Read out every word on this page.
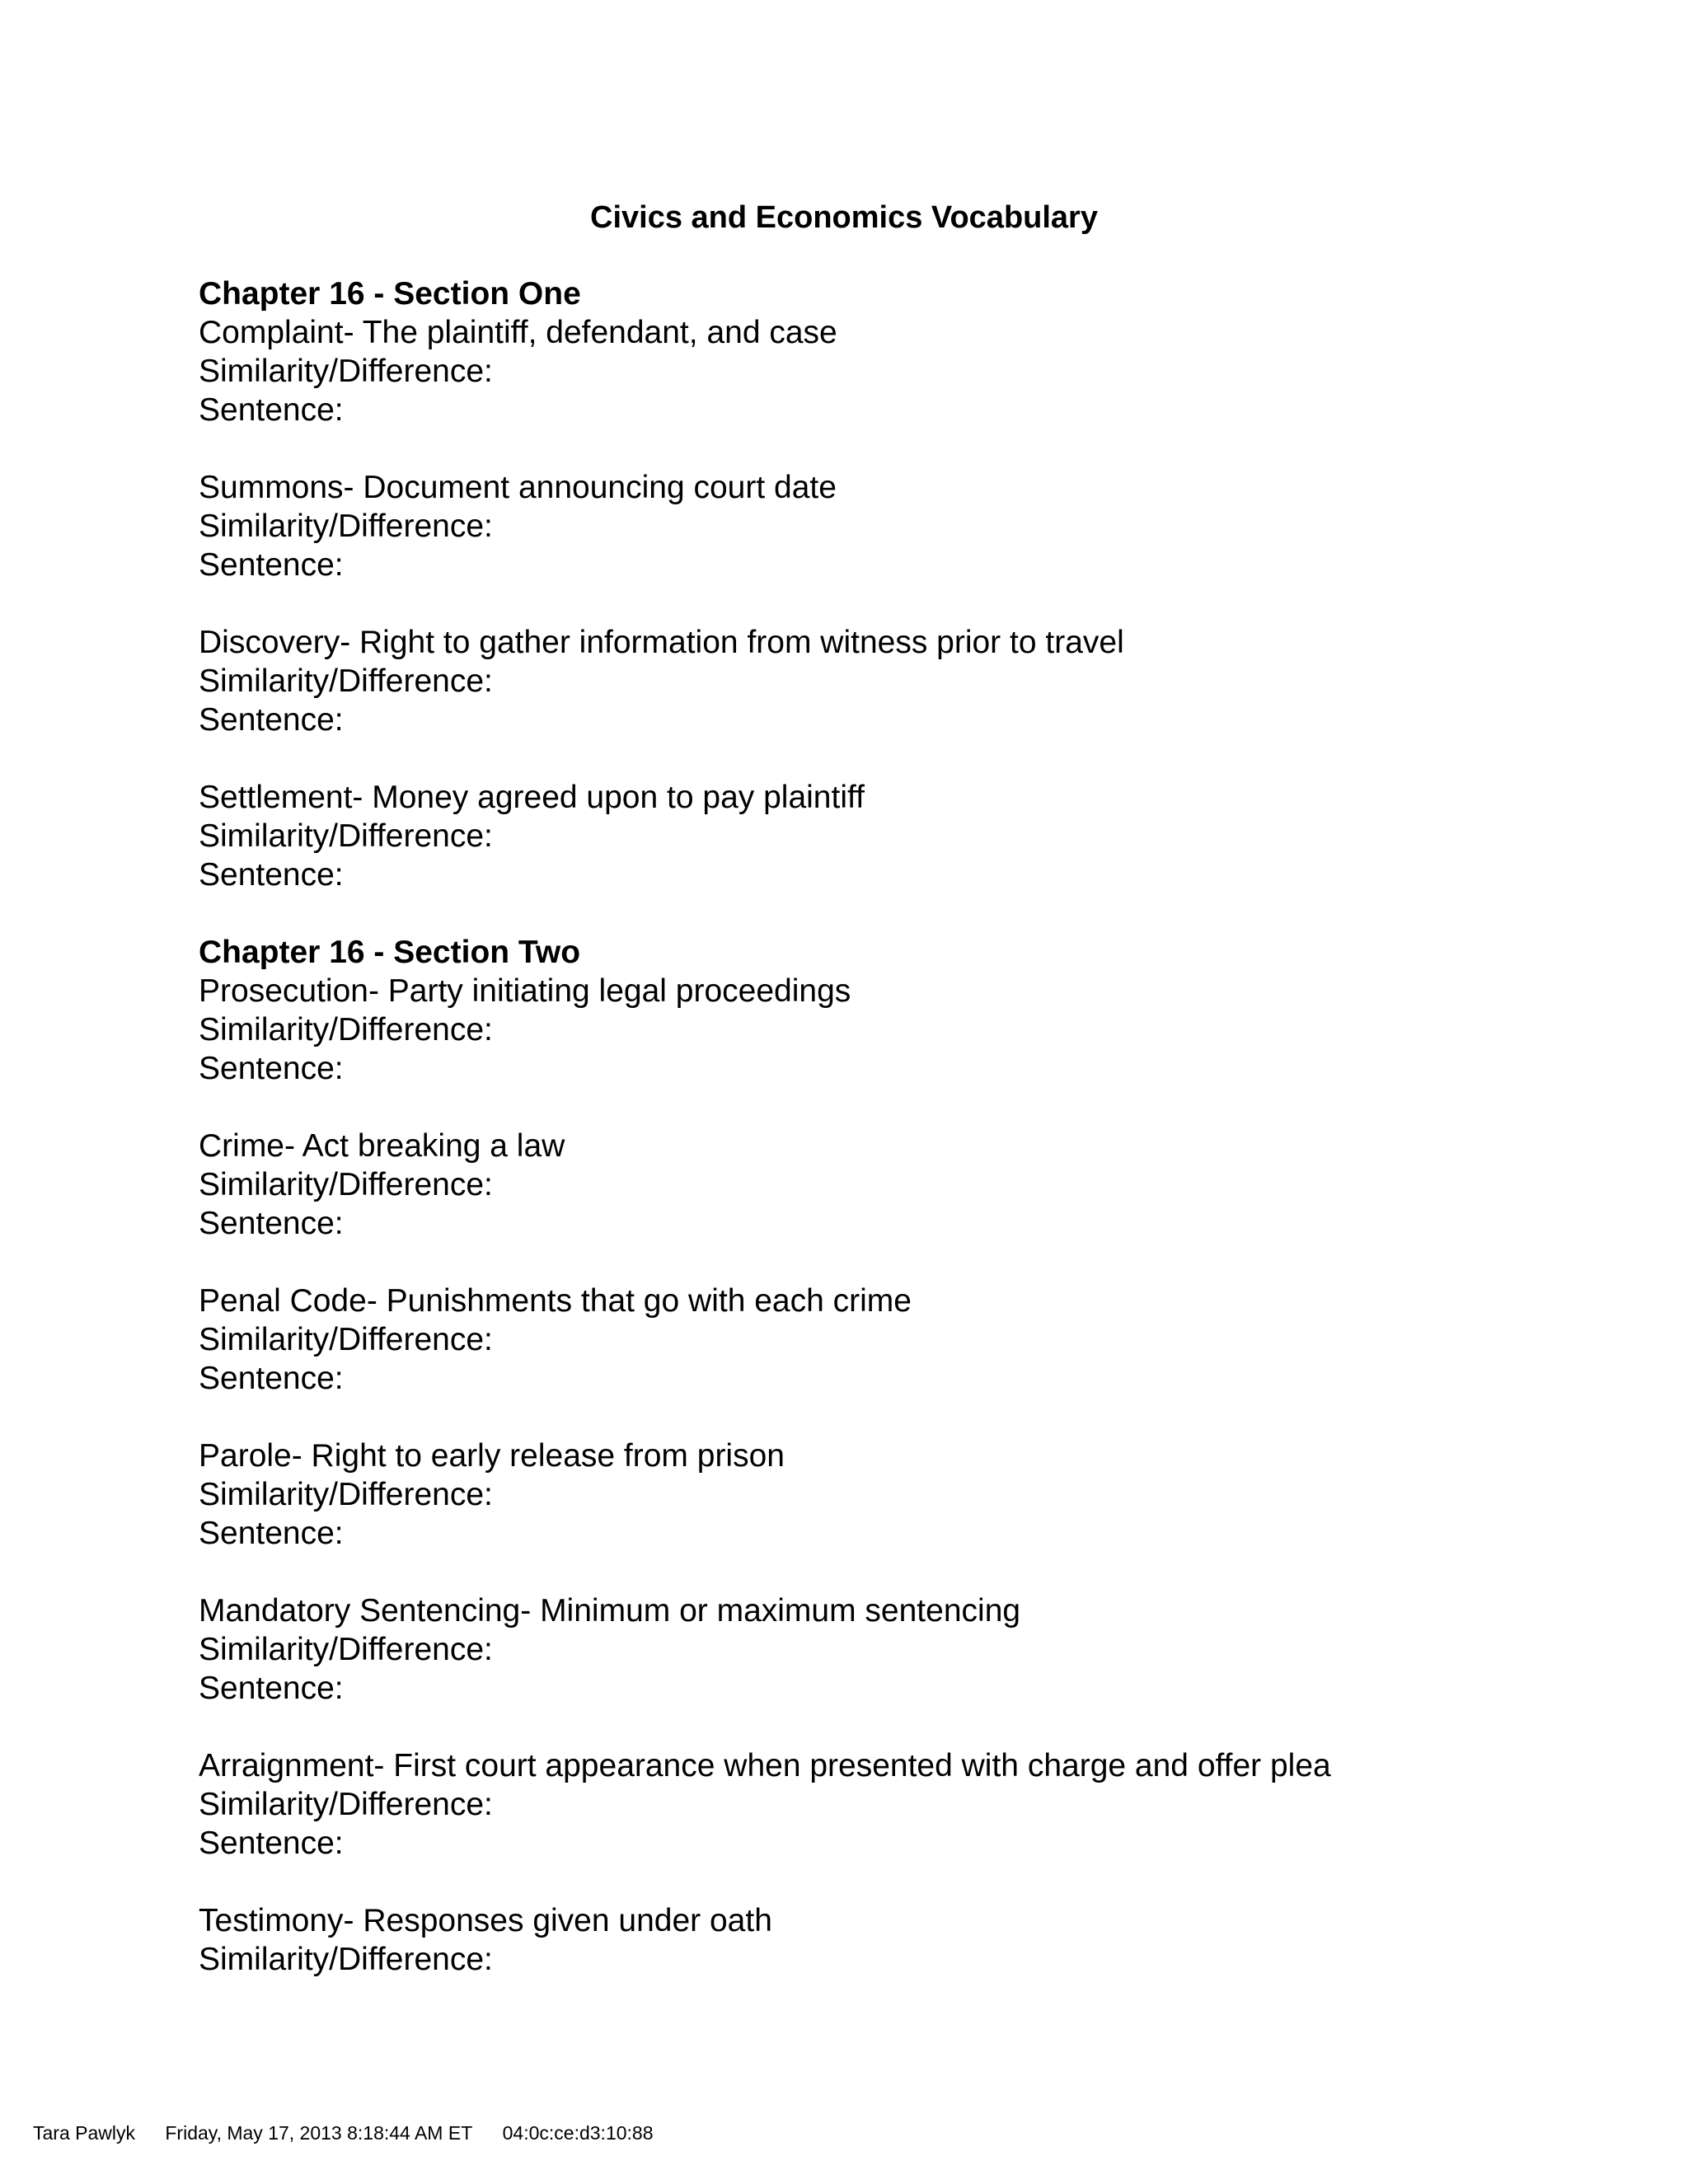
Civics and Economics Vocabulary
Chapter 16 - Section One
Complaint- The plaintiff, defendant, and case
Similarity/Difference:
Sentence:
Summons- Document announcing court date
Similarity/Difference:
Sentence:
Discovery- Right to gather information from witness prior to travel
Similarity/Difference:
Sentence:
Settlement- Money agreed upon to pay plaintiff
Similarity/Difference:
Sentence:
Chapter 16 - Section Two
Prosecution- Party initiating legal proceedings
Similarity/Difference:
Sentence:
Crime- Act breaking a law
Similarity/Difference:
Sentence:
Penal Code- Punishments that go with each crime
Similarity/Difference:
Sentence:
Parole- Right to early release from prison
Similarity/Difference:
Sentence:
Mandatory Sentencing- Minimum or maximum sentencing
Similarity/Difference:
Sentence:
Arraignment- First court appearance when presented with charge and offer plea
Similarity/Difference:
Sentence:
Testimony- Responses given under oath
Similarity/Difference:
Tara Pawlyk Friday, May 17, 2013 8:18:44 AM ET 04:0c:ce:d3:10:88
